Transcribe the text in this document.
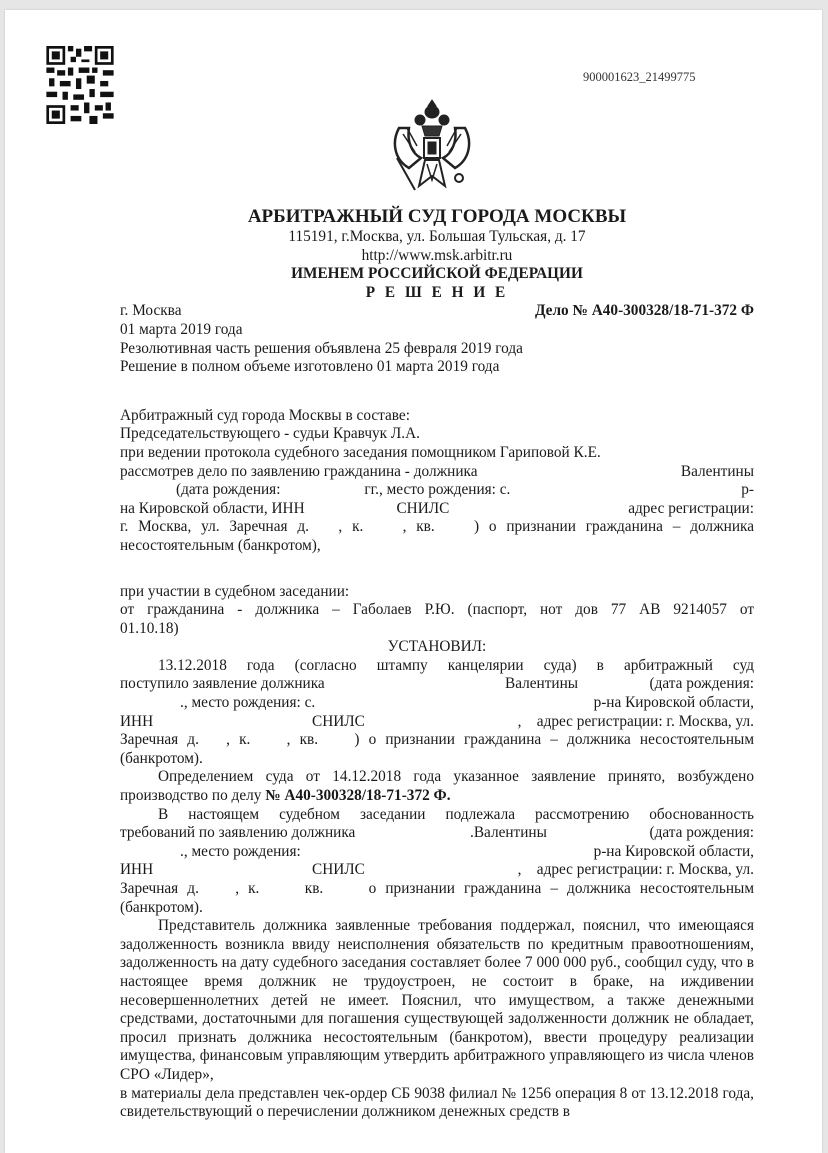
900001623_21499775
АРБИТРАЖНЫЙ СУД ГОРОДА МОСКВЫ
115191, г.Москва, ул. Большая Тульская, д. 17
http://www.msk.arbitr.ru
ИМЕНЕМ РОССИЙСКОЙ ФЕДЕРАЦИИ
Р Е Ш Е Н И Е
г. Москва	Дело № А40-300328/18-71-372 Ф
01 марта 2019 года
Резолютивная часть решения объявлена 25 февраля 2019 года
Решение в полном объеме изготовлено 01 марта 2019 года
Арбитражный суд города Москвы в составе:
Председательствующего - судьи Кравчук Л.А.
при ведении протокола судебного заседания помощником Гариповой К.Е.
рассмотрев дело по заявлению гражданина - должника	Валентины
(дата рождения:	гг., место рождения: с.	р-
на Кировской области, ИНН	СНИЛС	адрес регистрации:
г. Москва, ул. Заречная д.   , к.    , кв.    ) о признании гражданина – должника
несостоятельным (банкротом),
при участии в судебном заседании:
от гражданина - должника – Габолаев Р.Ю. (паспорт, нот дов 77 АВ 9214057 от
01.10.18)
УСТАНОВИЛ:
13.12.2018 года (согласно штампу канцелярии суда) в арбитражный суд
поступило заявление должника	Валентины	(дата рождения:
., место рождения: с.	р-на Кировской области,
ИНН	СНИЛС	,    адрес регистрации: г. Москва, ул.
Заречная д.   , к.    , кв.    ) о признании гражданина – должника несостоятельным
(банкротом).

Определением суда от 14.12.2018 года указанное заявление принято, возбуждено производство по делу № А40-300328/18-71-372 Ф.

В настоящем судебном заседании подлежала рассмотрению обоснованность
требований по заявлению должника	.Валентины	(дата рождения:
., место рождения:	р-на Кировской области,
ИНН	СНИЛС	,    адрес регистрации: г. Москва, ул.
Заречная д.    , к.     кв.     о признании гражданина – должника несостоятельным
(банкротом).

Представитель должника заявленные требования поддержал, пояснил, что имеющаяся задолженность возникла ввиду неисполнения обязательств по кредитным правоотношениям, задолженность на дату судебного заседания составляет более 7 000 000 руб., сообщил суду, что в настоящее время должник не трудоустроен, не состоит в браке, на иждивении несовершеннолетних детей не имеет. Пояснил, что имуществом, а также денежными средствами, достаточными для погашения существующей задолженности должник не обладает, просил признать должника несостоятельным (банкротом), ввести процедуру реализации имущества, финансовым управляющим утвердить арбитражного управляющего из числа членов СРО «Лидер»,

в материалы дела представлен чек-ордер СБ 9038 филиал № 1256 операция 8 от 13.12.2018 года, свидетельствующий о перечислении должником денежных средств в
